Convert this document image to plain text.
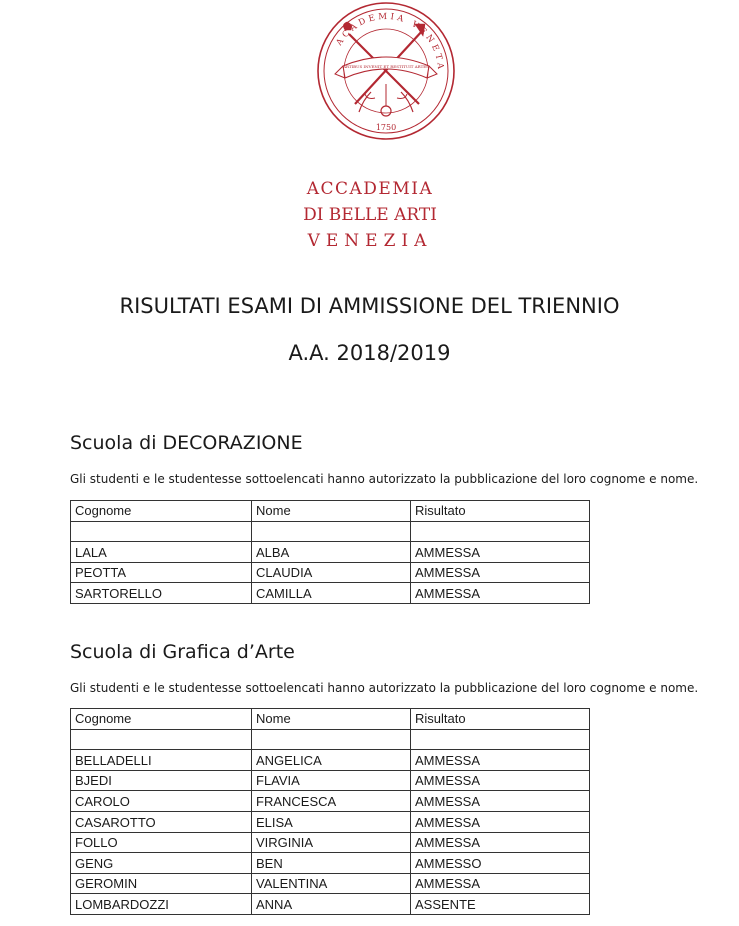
ACADEMIA VENETA
ARTIBUS INVENIT ET RESTITUIT ARTES
1750
ACCADEMIA
DI BELLE ARTI
VENEZIA
RISULTATI ESAMI DI AMMISSIONE DEL TRIENNIO
A.A. 2018/2019
Scuola di DECORAZIONE
Gli studenti e le studentesse sottoelencati hanno autorizzato la pubblicazione del loro cognome e nome.
Cognome	Nome	Risultato

LALA	ALBA	AMMESSA
PEOTTA	CLAUDIA	AMMESSA
SARTORELLO	CAMILLA	AMMESSA
Scuola di Grafica d’Arte
Gli studenti e le studentesse sottoelencati hanno autorizzato la pubblicazione del loro cognome e nome.
Cognome	Nome	Risultato

BELLADELLI	ANGELICA	AMMESSA
BJEDI	FLAVIA	AMMESSA
CAROLO	FRANCESCA	AMMESSA
CASAROTTO	ELISA	AMMESSA
FOLLO	VIRGINIA	AMMESSA
GENG	BEN	AMMESSO
GEROMIN	VALENTINA	AMMESSA
LOMBARDOZZI	ANNA	ASSENTE
